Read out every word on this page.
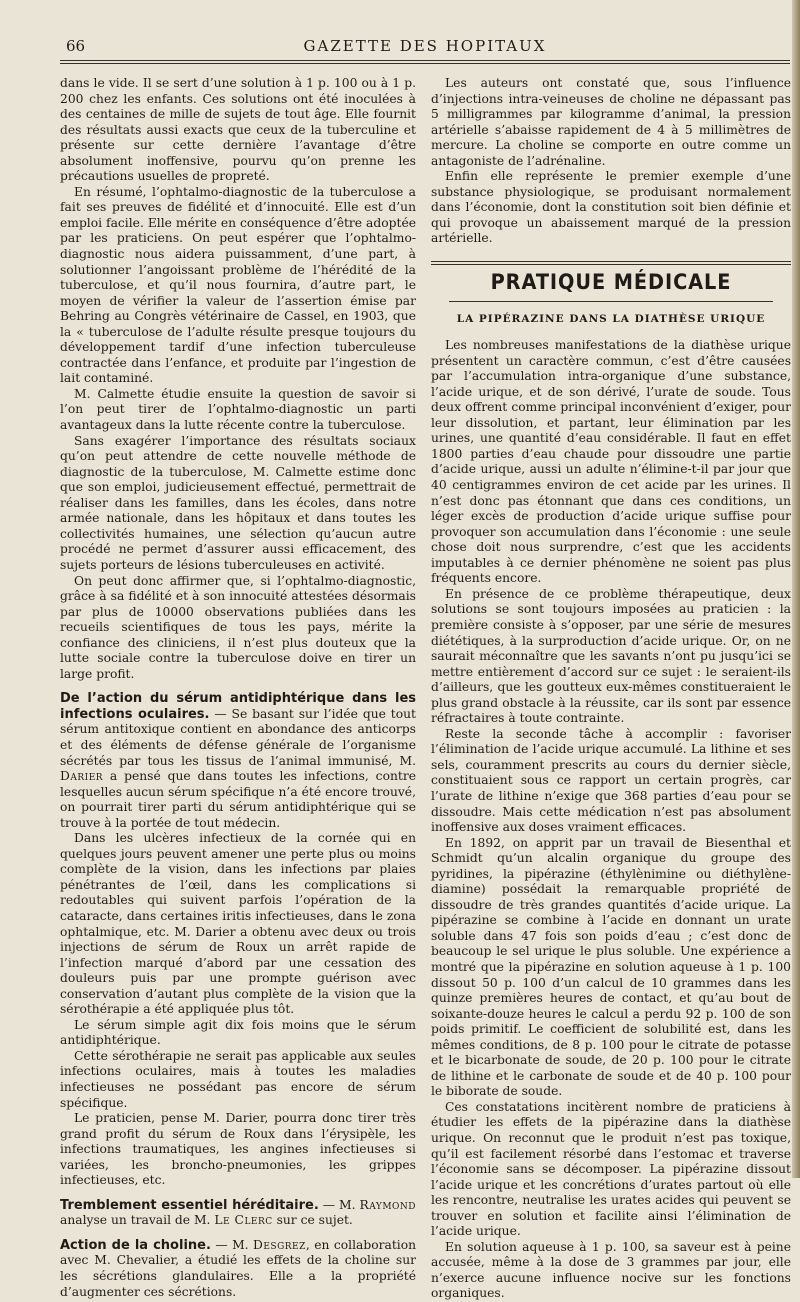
66	GAZETTE DES HOPITAUX

dans le vide. Il se sert d’une solution à 1 p. 100 ou à 1 p. 200 chez les enfants. Ces solutions ont été inoculées à des centaines de mille de sujets de tout âge. Elle fournit des résultats aussi exacts que ceux de la tuberculine et présente sur cette dernière l’avantage d’être absolument inoffensive, pourvu qu’on prenne les précautions usuelles de propreté.

En résumé, l’ophtalmo-diagnostic de la tuberculose a fait ses preuves de fidélité et d’innocuité. Elle est d’un emploi facile. Elle mérite en conséquence d’être adoptée par les praticiens. On peut espérer que l’ophtalmo-diagnostic nous aidera puissamment, d’une part, à solutionner l’angoissant problème de l’hérédité de la tuberculose, et qu’il nous fournira, d’autre part, le moyen de vérifier la valeur de l’assertion émise par Behring au Congrès vétérinaire de Cassel, en 1903, que la « tuberculose de l’adulte résulte presque toujours du développement tardif d’une infection tuberculeuse contractée dans l’enfance, et produite par l’ingestion de lait contaminé.

M. Calmette étudie ensuite la question de savoir si l’on peut tirer de l’ophtalmo-diagnostic un parti avantageux dans la lutte récente contre la tuberculose.

Sans exagérer l’importance des résultats sociaux qu’on peut attendre de cette nouvelle méthode de diagnostic de la tuberculose, M. Calmette estime donc que son emploi, judicieusement effectué, permettrait de réaliser dans les familles, dans les écoles, dans notre armée nationale, dans les hôpitaux et dans toutes les collectivités humaines, une sélection qu’aucun autre procédé ne permet d’assurer aussi efficacement, des sujets porteurs de lésions tuberculeuses en activité.

On peut donc affirmer que, si l’ophtalmo-diagnostic, grâce à sa fidélité et à son innocuité attestées désormais par plus de 10000 observations publiées dans les recueils scientifiques de tous les pays, mérite la confiance des cliniciens, il n’est plus douteux que la lutte sociale contre la tuberculose doive en tirer un large profit.

De l’action du sérum antidiphtérique dans les infections oculaires. — Se basant sur l’idée que tout sérum antitoxique contient en abondance des anticorps et des éléments de défense générale de l’organisme sécrétés par tous les tissus de l’animal immunisé, M. Darier a pensé que dans toutes les infections, contre lesquelles aucun sérum spécifique n’a été encore trouvé, on pourrait tirer parti du sérum antidiphtérique qui se trouve à la portée de tout médecin.

Dans les ulcères infectieux de la cornée qui en quelques jours peuvent amener une perte plus ou moins complète de la vision, dans les infections par plaies pénétrantes de l’œil, dans les complications si redoutables qui suivent parfois l’opération de la cataracte, dans certaines iritis infectieuses, dans le zona ophtalmique, etc. M. Darier a obtenu avec deux ou trois injections de sérum de Roux un arrêt rapide de l’infection marqué d’abord par une cessation des douleurs puis par une prompte guérison avec conservation d’autant plus complète de la vision que la sérothérapie a été appliquée plus tôt.

Le sérum simple agit dix fois moins que le sérum antidiphtérique.

Cette sérothérapie ne serait pas applicable aux seules infections oculaires, mais à toutes les maladies infectieuses ne possédant pas encore de sérum spécifique.

Le praticien, pense M. Darier, pourra donc tirer très grand profit du sérum de Roux dans l’érysipèle, les infections traumatiques, les angines infectieuses si variées, les broncho-pneumonies, les grippes infectieuses, etc.

Tremblement essentiel héréditaire. — M. Raymond analyse un travail de M. Le Clerc sur ce sujet.

Action de la choline. — M. Desgrez, en collaboration avec M. Chevalier, a étudié les effets de la choline sur les sécrétions glandulaires. Elle a la propriété d’augmenter ces sécrétions.

Les auteurs ont constaté que, sous l’influence d’injections intra-veineuses de choline ne dépassant pas 5 milligrammes par kilogramme d’animal, la pression artérielle s’abaisse rapidement de 4 à 5 millimètres de mercure. La choline se comporte en outre comme un antagoniste de l’adrénaline.

Enfin elle représente le premier exemple d’une substance physiologique, se produisant normalement dans l’économie, dont la constitution soit bien définie et qui provoque un abaissement marqué de la pression artérielle.

PRATIQUE MÉDICALE
LA PIPÉRAZINE DANS LA DIATHÈSE URIQUE

Les nombreuses manifestations de la diathèse urique présentent un caractère commun, c’est d’être causées par l’accumulation intra-organique d’une substance, l’acide urique, et de son dérivé, l’urate de soude. Tous deux offrent comme principal inconvénient d’exiger, pour leur dissolution, et partant, leur élimination par les urines, une quantité d’eau considérable. Il faut en effet 1800 parties d’eau chaude pour dissoudre une partie d’acide urique, aussi un adulte n’élimine-t-il par jour que 40 centigrammes environ de cet acide par les urines. Il n’est donc pas étonnant que dans ces conditions, un léger excès de production d’acide urique suffise pour provoquer son accumulation dans l’économie : une seule chose doit nous surprendre, c’est que les accidents imputables à ce dernier phénomène ne soient pas plus fréquents encore.

En présence de ce problème thérapeutique, deux solutions se sont toujours imposées au praticien : la première consiste à s’opposer, par une série de mesures diététiques, à la surproduction d’acide urique. Or, on ne saurait méconnaître que les savants n’ont pu jusqu’ici se mettre entièrement d’accord sur ce sujet : le seraient-ils d’ailleurs, que les goutteux eux-mêmes constitueraient le plus grand obstacle à la réussite, car ils sont par essence réfractaires à toute contrainte.

Reste la seconde tâche à accomplir : favoriser l’élimination de l’acide urique accumulé. La lithine et ses sels, couramment prescrits au cours du dernier siècle, constituaient sous ce rapport un certain progrès, car l’urate de lithine n’exige que 368 parties d’eau pour se dissoudre. Mais cette médication n’est pas absolument inoffensive aux doses vraiment efficaces.

En 1892, on apprit par un travail de Biesenthal et Schmidt qu’un alcalin organique du groupe des pyridines, la pipérazine (éthylènimine ou diéthylène-diamine) possédait la remarquable propriété de dissoudre de très grandes quantités d’acide urique. La pipérazine se combine à l’acide en donnant un urate soluble dans 47 fois son poids d’eau ; c’est donc de beaucoup le sel urique le plus soluble. Une expérience a montré que la pipérazine en solution aqueuse à 1 p. 100 dissout 50 p. 100 d’un calcul de 10 grammes dans les quinze premières heures de contact, et qu’au bout de soixante-douze heures le calcul a perdu 92 p. 100 de son poids primitif. Le coefficient de solubilité est, dans les mêmes conditions, de 8 p. 100 pour le citrate de potasse et le bicarbonate de soude, de 20 p. 100 pour le citrate de lithine et le carbonate de soude et de 40 p. 100 pour le biborate de soude.

Ces constatations incitèrent nombre de praticiens à étudier les effets de la pipérazine dans la diathèse urique. On reconnut que le produit n’est pas toxique, qu’il est facilement résorbé dans l’estomac et traverse l’économie sans se décomposer. La pipérazine dissout l’acide urique et les concrétions d’urates partout où elle les rencontre, neutralise les urates acides qui peuvent se trouver en solution et facilite ainsi l’élimination de l’acide urique.

En solution aqueuse à 1 p. 100, sa saveur est à peine accusée, même à la dose de 3 grammes par jour, elle n’exerce aucune influence nocive sur les fonctions organiques.
